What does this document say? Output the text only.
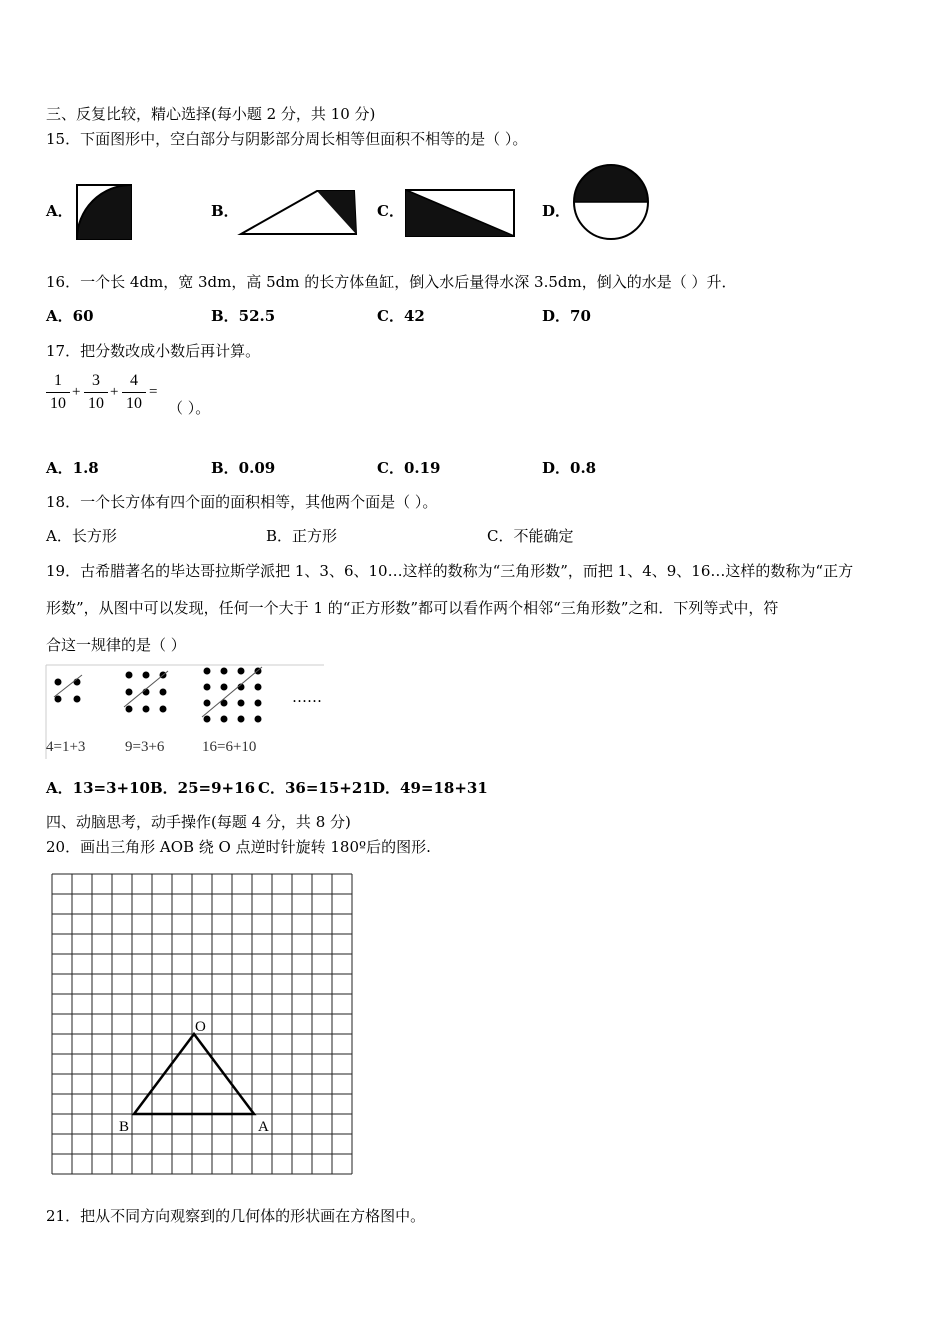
三、反复比较，精心选择(每小题 2 分，共 10 分)
15．下面图形中，空白部分与阴影部分周长相等但面积不相等的是（ ）。
A．	B．	C．	D．
16．一个长 4dm，宽 3dm，高 5dm 的长方体鱼缸，倒入水后量得水深 3.5dm，倒入的水是（ ）升．
A．60	B．52.5	C．42	D．70
17．把分数改成小数后再计算。
1
10
+
3
10
+
4
10
=
（ ）。
A．1.8	B．0.09	C．0.19	D．0.8
18．一个长方体有四个面的面积相等，其他两个面是（ ）。
A．长方形	B．正方形	C．不能确定
19．古希腊著名的毕达哥拉斯学派把 1、3、6、10…这样的数称为“三角形数”，而把 1、4、9、16…这样的数称为“正方
形数”，从图中可以发现，任何一个大于 1 的“正方形数”都可以看作两个相邻“三角形数”之和．下列等式中，符
合这一规律的是（ ）
……
4=1+3	9=3+6	16=6+10
A．13=3+10 B．25=9+16 C．36=15+21 D．49=18+31
四、动脑思考，动手操作(每题 4 分，共 8 分)
20．画出三角形 AOB 绕 O 点逆时针旋转 180º后的图形.
O
B	A
21．把从不同方向观察到的几何体的形状画在方格图中。
